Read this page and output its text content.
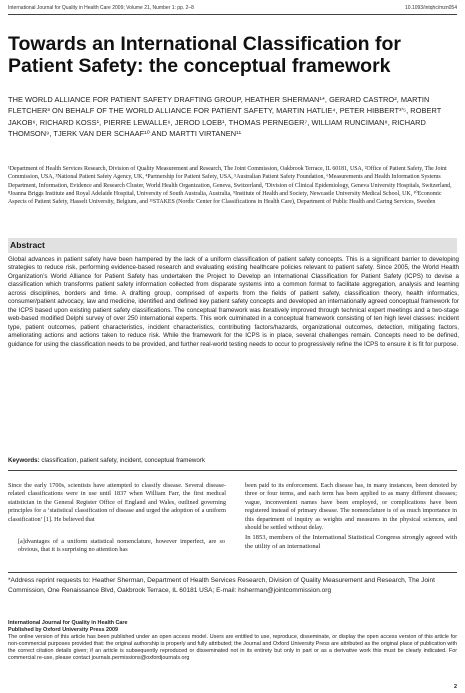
International Journal for Quality in Health Care 2009; Volume 21, Number 1: pp. 2–8	10.1093/intqhc/mzn054
Towards an International Classification for Patient Safety: the conceptual framework
THE WORLD ALLIANCE FOR PATIENT SAFETY DRAFTING GROUP, HEATHER SHERMAN¹*, GERARD CASTRO², MARTIN FLETCHER³ ON BEHALF OF THE WORLD ALLIANCE FOR PATIENT SAFETY, MARTIN HATLIE⁴, PETER HIBBERT³ʹ⁵, ROBERT JAKOB⁶, RICHARD KOSS¹, PIERRE LEWALLE⁶, JEROD LOEB¹, THOMAS PERNEGER⁷, WILLIAM RUNCIMAN⁸, RICHARD THOMSON⁹, TJERK VAN DER SCHAAF¹⁰ AND MARTTI VIRTANEN¹¹
¹Department of Health Services Research, Division of Quality Measurement and Research, The Joint Commission, Oakbrook Terrace, IL 60181, USA, ²Office of Patient Safety, The Joint Commission, USA, ³National Patient Safety Agency, UK, ⁴Partnership for Patient Safety, USA, ⁵Australian Patient Safety Foundation, ⁶Measurements and Health Information Systems Department, Information, Evidence and Research Cluster, World Health Organization, Geneva, Switzerland, ⁷Division of Clinical Epidemiology, Geneva University Hospitals, Switzerland, ⁸Joanna Briggs Institute and Royal Adelaide Hospital, University of South Australia, Australia, ⁹Institute of Health and Society, Newcastle University Medical School, UK, ¹⁰Economic Aspects of Patient Safety, Hasselt University, Belgium, and ¹¹STAKES (Nordic Center for Classifications in Health Care), Department of Public Health and Caring Services, Sweden
Abstract
Global advances in patient safety have been hampered by the lack of a uniform classification of patient safety concepts. This is a significant barrier to developing strategies to reduce risk, performing evidence-based research and evaluating existing healthcare policies relevant to patient safety. Since 2005, the World Health Organization’s World Alliance for Patient Safety has undertaken the Project to Develop an International Classification for Patient Safety (ICPS) to devise a classification which transforms patient safety information collected from disparate systems into a common format to facilitate aggregation, analysis and learning across disciplines, borders and time. A drafting group, comprised of experts from the fields of patient safety, classification theory, health informatics, consumer/patient advocacy, law and medicine, identified and defined key patient safety concepts and developed an internationally agreed conceptual framework for the ICPS based upon existing patient safety classifications. The conceptual framework was iteratively improved through technical expert meetings and a two-stage web-based modified Delphi survey of over 250 international experts. This work culminated in a conceptual framework consisting of ten high level classes: incident type, patient outcomes, patient characteristics, incident characteristics, contributing factors/hazards, organizational outcomes, detection, mitigating factors, ameliorating actions and actions taken to reduce risk. While the framework for the ICPS is in place, several challenges remain. Concepts need to be defined, guidance for using the classification needs to be provided, and further real-world testing needs to occur to progressively refine the ICPS to ensure it is fit for purpose.
Keywords: classification, patient safety, incident, conceptual framework
Since the early 1700s, scientists have attempted to classify disease. Several disease-related classifications were in use until 1837 when William Farr, the first medical statistician in the General Register Office of England and Wales, outlined governing principles for a ‘statistical classification of disease and urged the adoption of a uniform classification’ [1]. He believed that
[a]dvantages of a uniform statistical nomenclature, however imperfect, are so obvious, that it is surprising no attention has
been paid to its enforcement. Each disease has, in many instances, been denoted by three or four terms, and each term has been applied to as many different diseases; vague, inconvenient names have been employed, or complications have been registered instead of primary disease. The nomenclature is of as much importance in this department of inquiry as weights and measures in the physical sciences, and should be settled without delay.
In 1853, members of the International Statistical Congress strongly agreed with the utility of an international
*Address reprint requests to: Heather Sherman, Department of Health Services Research, Division of Quality Measurement and Research, The Joint Commission, One Renaissance Blvd, Oakbrook Terrace, IL 60181 USA; E-mail: hsherman@jointcommission.org
International Journal for Quality in Health Care
Published by Oxford University Press 2009
The online version of this article has been published under an open access model. Users are entitled to use, reproduce, disseminate, or display the open access version of this article for non-commercial purposes provided that: the original authorship is properly and fully attributed; the Journal and Oxford University Press are attributed as the original place of publication with the correct citation details given; if an article is subsequently reproduced or disseminated not in its entirety but only in part or as a derivative work this must be clearly indicated. For commercial re-use, please contact journals.permissions@oxfordjournals.org
2
